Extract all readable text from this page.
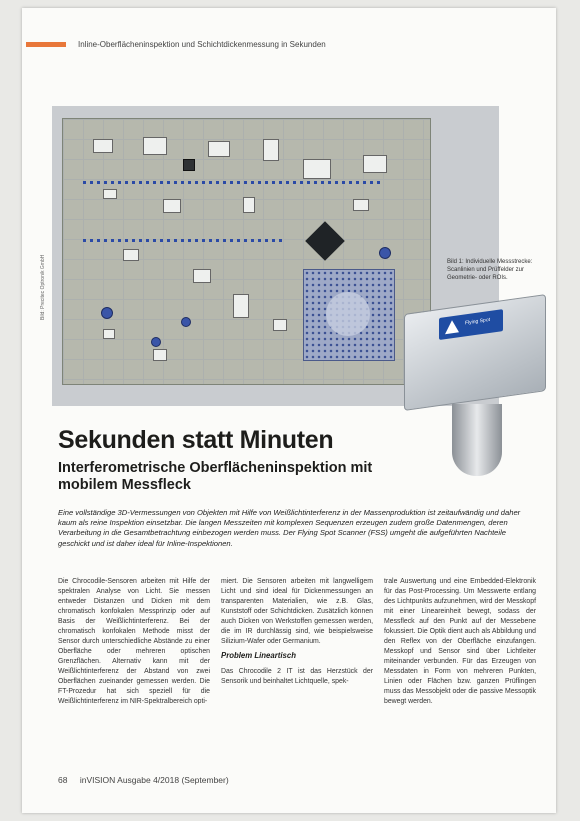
Inline-Oberflächeninspektion und Schichtdickenmessung in Sekunden
Bild: Precitec Optronik GmbH	Bild 1: Individuelle Messstrecke: Scanlinien und Prüffelder zur Geometrie- oder ROIs.
Flying Spot
Sekunden statt Minuten
Interferometrische Oberflächeninspektion mit mobilem Messfleck
Eine vollständige 3D-Vermessungen von Objekten mit Hilfe von Weißlichtinterferenz in der Massenproduktion ist zeitaufwändig und daher kaum als reine Inspektion einsetzbar. Die langen Messzeiten mit komplexen Sequenzen erzeugen zudem große Datenmengen, deren Verarbeitung in die Gesamtbetrachtung einbezogen werden muss. Der Flying Spot Scanner (FSS) umgeht die aufgeführten Nachteile geschickt und ist daher ideal für Inline-Inspektionen.

Die Chrocodile-Sensoren arbeiten mit Hilfe der spektralen Analyse von Licht. Sie messen entweder Distanzen und Dicken mit dem chromatisch konfokalen Messprinzip oder auf Basis der Weißlichtinterferenz. Bei der chromatisch konfokalen Methode misst der Sensor durch unterschiedliche Abstände zu einer Oberfläche oder mehreren optischen Grenzflächen. Alternativ kann mit der Weißlichtinterferenz der Abstand von zwei Oberflächen zueinander gemessen werden. Die FT-Prozedur hat sich speziell für die Weißlichtinterferenz im NIR-Spektralbereich opti-

miert. Die Sensoren arbeiten mit langwelligem Licht und sind ideal für Dickenmessungen an transparenten Materialien, wie z.B. Glas, Kunststoff oder Schichtdicken. Zusätzlich können auch Dicken von Werkstoffen gemessen werden, die im IR durchlässig sind, wie beispielsweise Silizium-Wafer oder Germanium.

Problem Lineartisch

Das Chrocodile 2 IT ist das Herzstück der Sensorik und beinhaltet Lichtquelle, spek-

trale Auswertung und eine Embedded-Elektronik für das Post-Processing. Um Messwerte entlang des Lichtpunkts aufzunehmen, wird der Messkopf mit einer Lineareinheit bewegt, sodass der Messfleck auf den Punkt auf der Messebene fokussiert. Die Optik dient auch als Abbildung und den Reflex von der Oberfläche einzufangen. Messkopf und Sensor sind über Lichtleiter miteinander verbunden. Für das Erzeugen von Messdaten in Form von mehreren Punkten, Linien oder Flächen bzw. ganzen Prüflingen muss das Messobjekt oder die passive Messoptik bewegt werden.

68 inVISION Ausgabe 4/2018 (September)
